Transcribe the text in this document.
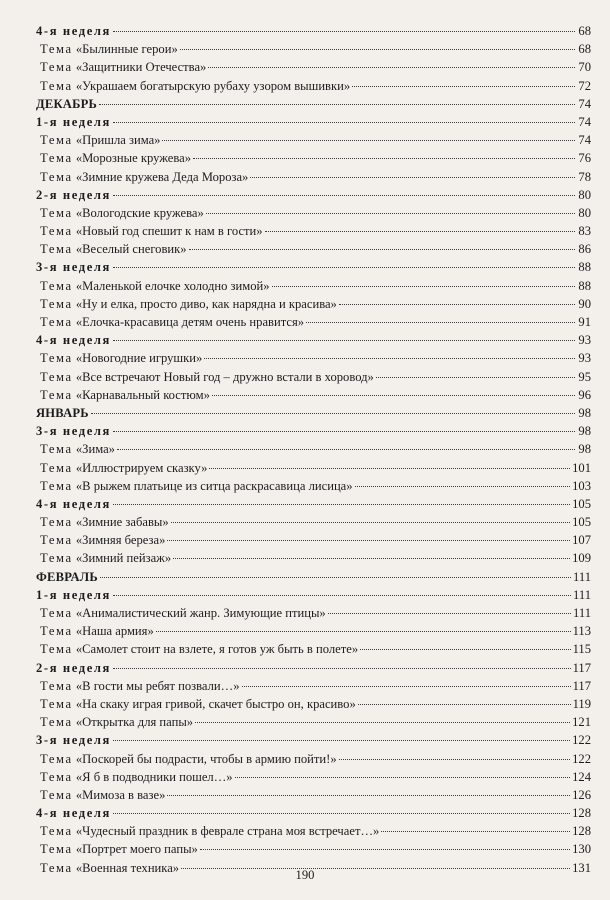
4-я неделя	68
Тема «Былинные герои»	68
Тема «Защитники Отечества»	70
Тема «Украшаем богатырскую рубаху узором вышивки»	72
ДЕКАБРЬ	74
1-я неделя	74
Тема «Пришла зима»	74
Тема «Морозные кружева»	76
Тема «Зимние кружева Деда Мороза»	78
2-я неделя	80
Тема «Вологодские кружева»	80
Тема «Новый год спешит к нам в гости»	83
Тема «Веселый снеговик»	86
3-я неделя	88
Тема «Маленькой елочке холодно зимой»	88
Тема «Ну и елка, просто диво, как нарядна и красива»	90
Тема «Елочка-красавица детям очень нравится»	91
4-я неделя	93
Тема «Новогодние игрушки»	93
Тема «Все встречают Новый год – дружно встали в хоровод»	95
Тема «Карнавальный костюм»	96
ЯНВАРЬ	98
3-я неделя	98
Тема «Зима»	98
Тема «Иллюстрируем сказку»	101
Тема «В рыжем платьице из ситца раскрасавица лисица»	103
4-я неделя	105
Тема «Зимние забавы»	105
Тема «Зимняя береза»	107
Тема «Зимний пейзаж»	109
ФЕВРАЛЬ	111
1-я неделя	111
Тема «Анималистический жанр. Зимующие птицы»	111
Тема «Наша армия»	113
Тема «Самолет стоит на взлете, я готов уж быть в полете»	115
2-я неделя	117
Тема «В гости мы ребят позвали…»	117
Тема «На скаку играя гривой, скачет быстро он, красиво»	119
Тема «Открытка для папы»	121
3-я неделя	122
Тема «Поскорей бы подрасти, чтобы в армию пойти!»	122
Тема «Я б в подводники пошел…»	124
Тема «Мимоза в вазе»	126
4-я неделя	128
Тема «Чудесный праздник в феврале страна моя встречает…»	128
Тема «Портрет моего папы»	130
Тема «Военная техника»	131
190
